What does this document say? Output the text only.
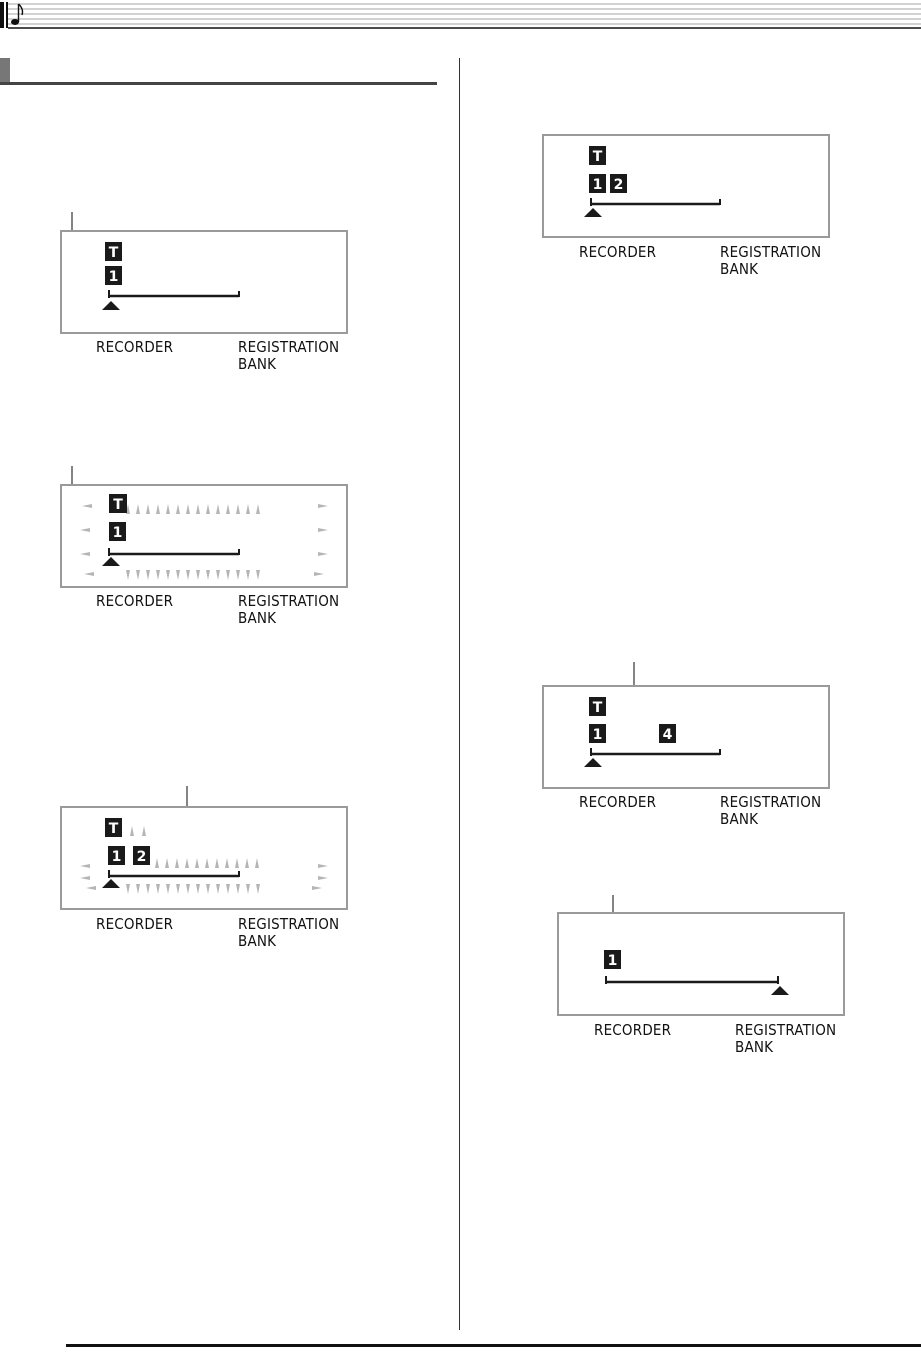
T
1
RECORDER	REGISTRATION
BANK
T
1
RECORDER	REGISTRATION
BANK
T
1 2
RECORDER	REGISTRATION
BANK
T
1 2
RECORDER	REGISTRATION
BANK
T
1	4
RECORDER	REGISTRATION
BANK
1
RECORDER	REGISTRATION
BANK
